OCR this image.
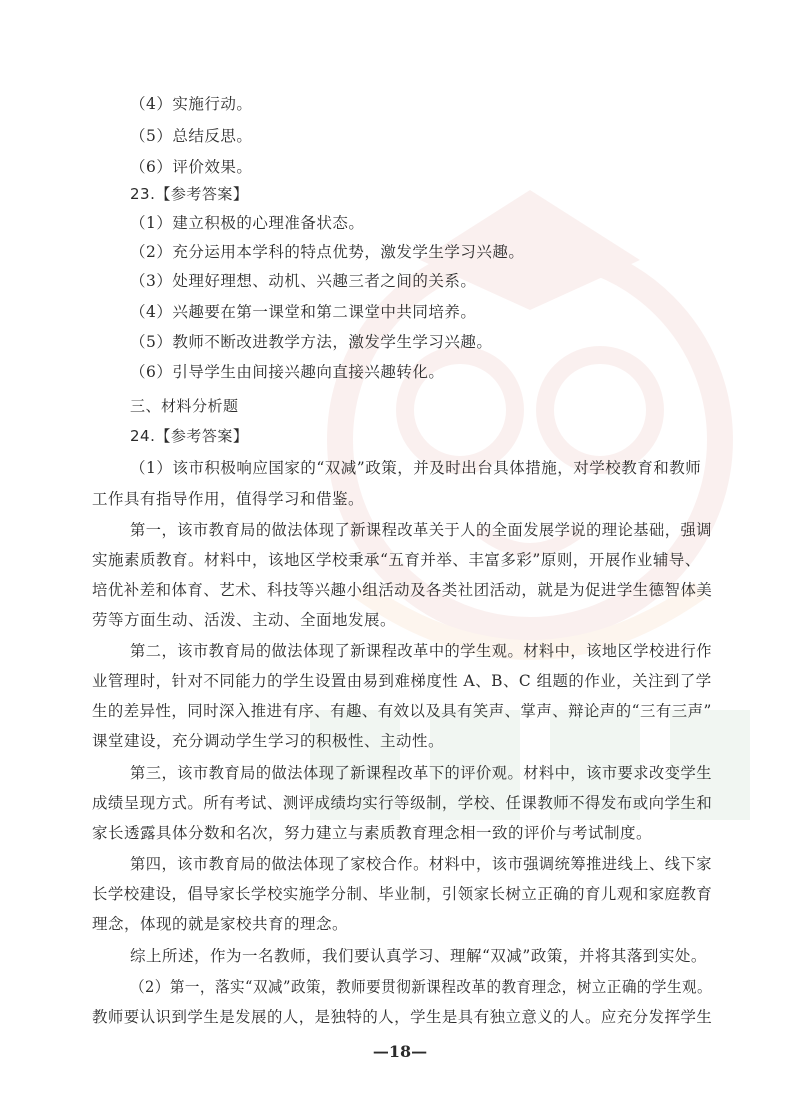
（4）实施行动。
（5）总结反思。
（6）评价效果。
23.【参考答案】
（1）建立积极的心理准备状态。
（2）充分运用本学科的特点优势，激发学生学习兴趣。
（3）处理好理想、动机、兴趣三者之间的关系。
（4）兴趣要在第一课堂和第二课堂中共同培养。
（5）教师不断改进教学方法，激发学生学习兴趣。
（6）引导学生由间接兴趣向直接兴趣转化。
三、材料分析题
24.【参考答案】
（1）该市积极响应国家的“双减”政策，并及时出台具体措施，对学校教育和教师
工作具有指导作用，值得学习和借鉴。
第一，该市教育局的做法体现了新课程改革关于人的全面发展学说的理论基础，强调
实施素质教育。材料中，该地区学校秉承“五育并举、丰富多彩”原则，开展作业辅导、
培优补差和体育、艺术、科技等兴趣小组活动及各类社团活动，就是为促进学生德智体美
劳等方面生动、活泼、主动、全面地发展。
第二，该市教育局的做法体现了新课程改革中的学生观。材料中，该地区学校进行作
业管理时，针对不同能力的学生设置由易到难梯度性 A、B、C 组题的作业，关注到了学
生的差异性，同时深入推进有序、有趣、有效以及具有笑声、掌声、辩论声的“三有三声”
课堂建设，充分调动学生学习的积极性、主动性。
第三，该市教育局的做法体现了新课程改革下的评价观。材料中，该市要求改变学生
成绩呈现方式。所有考试、测评成绩均实行等级制，学校、任课教师不得发布或向学生和
家长透露具体分数和名次，努力建立与素质教育理念相一致的评价与考试制度。
第四，该市教育局的做法体现了家校合作。材料中，该市强调统筹推进线上、线下家
长学校建设，倡导家长学校实施学分制、毕业制，引领家长树立正确的育儿观和家庭教育
理念，体现的就是家校共育的理念。
综上所述，作为一名教师，我们要认真学习、理解“双减”政策，并将其落到实处。
（2）第一，落实“双减”政策，教师要贯彻新课程改革的教育理念，树立正确的学生观。
教师要认识到学生是发展的人，是独特的人，学生是具有独立意义的人。应充分发挥学生
—18—
